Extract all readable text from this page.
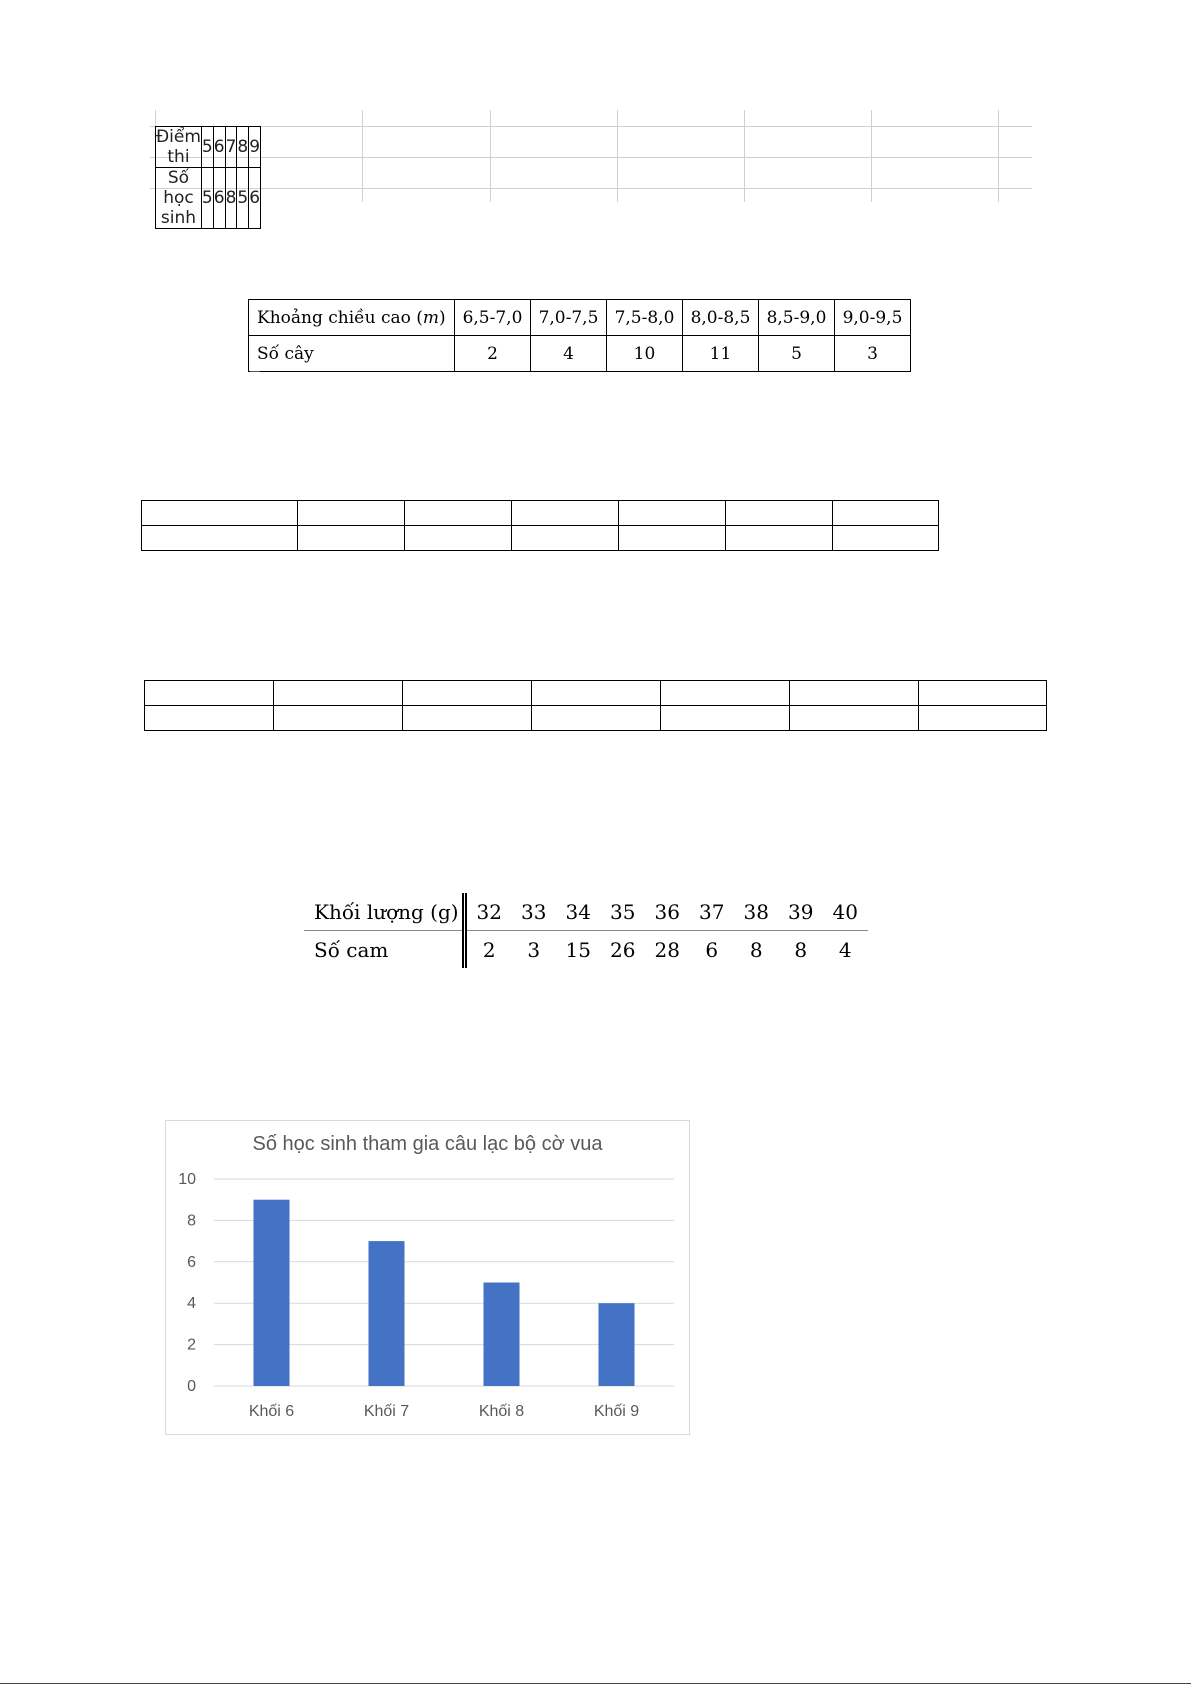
Điểm thi	5	6	7	8	9
Số học sinh	5	6	8	5	6
Khoảng chiều cao (m)	6,5-7,0	7,0-7,5	7,5-8,0	8,0-8,5	8,5-9,0	9,0-9,5
Số cây	2	4	10	11	5	3

Khối lượng (g)	32	33	34	35	36	37	38	39	40
Số cam	2	3	15	26	28	6	8	8	4
Số học sinh tham gia câu lạc bộ cờ vua
0
2
4
6
8
10
Khối 6	Khối 7	Khối 8	Khối 9
